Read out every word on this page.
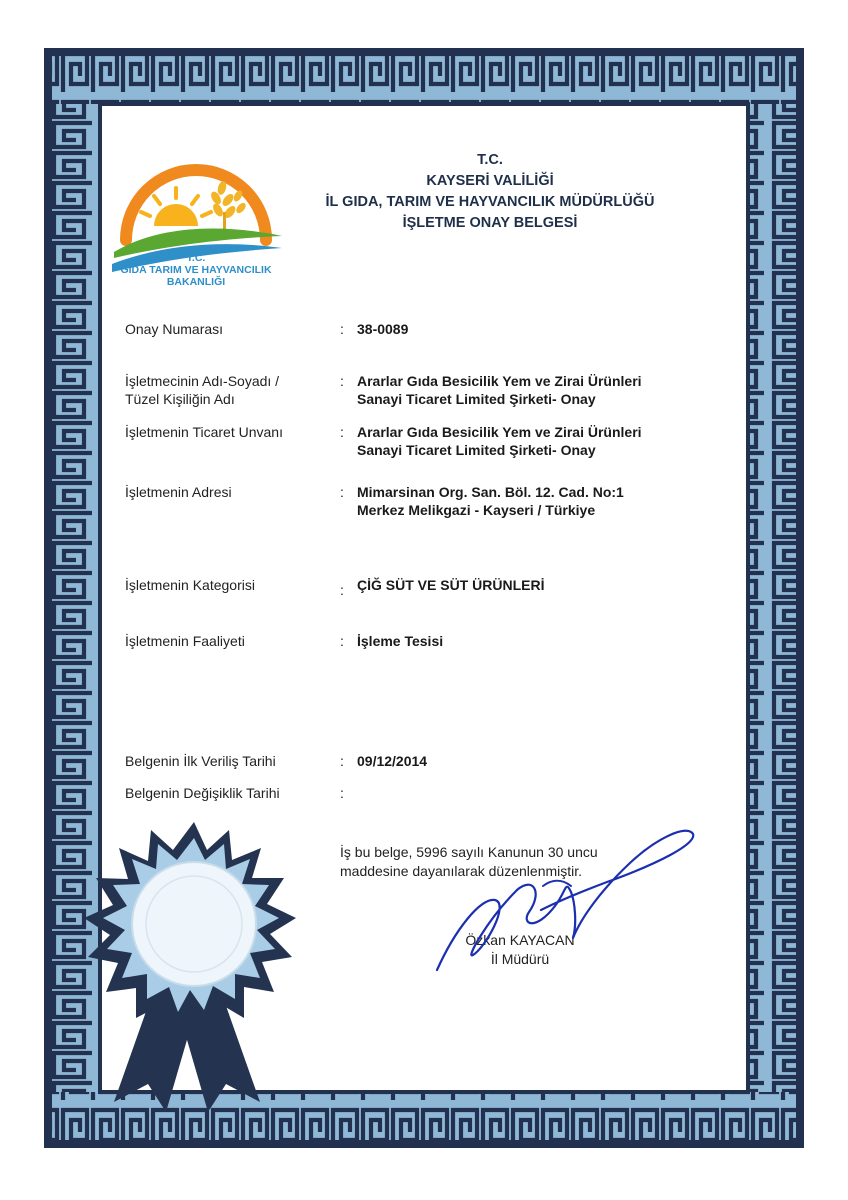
T.C.
GIDA TARIM VE HAYVANCILIK
BAKANLIĞI
T.C.
KAYSERİ VALİLİĞİ
İL GIDA, TARIM VE HAYVANCILIK MÜDÜRLÜĞÜ
İŞLETME ONAY BELGESİ
Onay Numarası	: 38-0089
İşletmecinin Adı-Soyadı /
Tüzel Kişiliğin Adı
: Ararlar Gıda Besicilik Yem ve Zirai Ürünleri
Sanayi Ticaret Limited Şirketi- Onay
İşletmenin Ticaret Unvanı	: Ararlar Gıda Besicilik Yem ve Zirai Ürünleri
Sanayi Ticaret Limited Şirketi- Onay
İşletmenin Adresi	: Mimarsinan Org. San. Böl. 12. Cad. No:1
Merkez Melikgazi - Kayseri / Türkiye
İşletmenin Kategorisi	: ÇİĞ SÜT VE SÜT ÜRÜNLERİ
İşletmenin Faaliyeti	: İşleme Tesisi
Belgenin İlk Veriliş Tarihi	: 09/12/2014
Belgenin Değişiklik Tarihi	:
İş bu belge, 5996 sayılı Kanunun 30 uncu
maddesine dayanılarak düzenlenmiştir.
Özkan KAYACAN
İl Müdürü
